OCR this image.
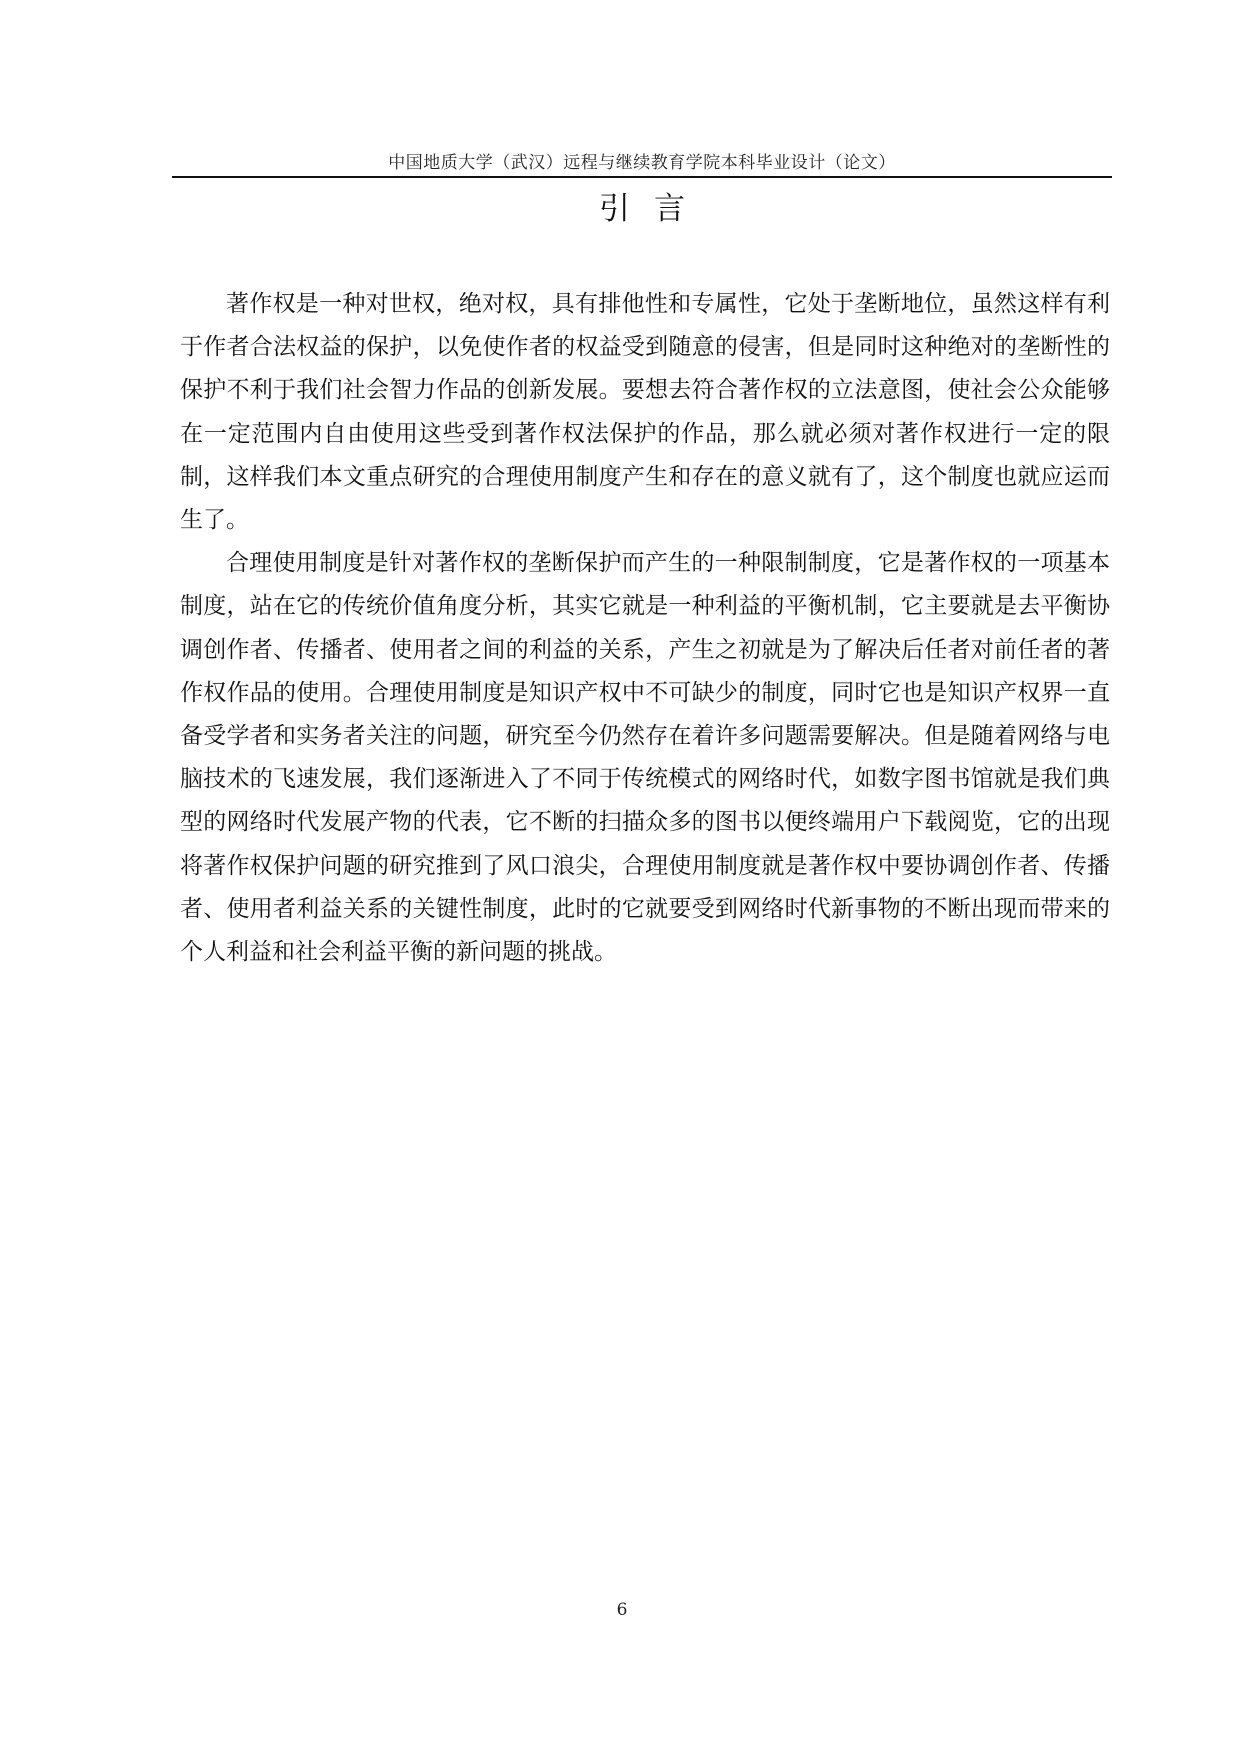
中国地质大学（武汉）远程与继续教育学院本科毕业设计（论文）
引言

著作权是一种对世权，绝对权，具有排他性和专属性，它处于垄断地位，虽然这样有利于作者合法权益的保护，以免使作者的权益受到随意的侵害，但是同时这种绝对的垄断性的保护不利于我们社会智力作品的创新发展。要想去符合著作权的立法意图，使社会公众能够在一定范围内自由使用这些受到著作权法保护的作品，那么就必须对著作权进行一定的限制，这样我们本文重点研究的合理使用制度产生和存在的意义就有了，这个制度也就应运而生了。

合理使用制度是针对著作权的垄断保护而产生的一种限制制度，它是著作权的一项基本制度，站在它的传统价值角度分析，其实它就是一种利益的平衡机制，它主要就是去平衡协调创作者、传播者、使用者之间的利益的关系，产生之初就是为了解决后任者对前任者的著作权作品的使用。合理使用制度是知识产权中不可缺少的制度，同时它也是知识产权界一直备受学者和实务者关注的问题，研究至今仍然存在着许多问题需要解决。但是随着网络与电脑技术的飞速发展，我们逐渐进入了不同于传统模式的网络时代，如数字图书馆就是我们典型的网络时代发展产物的代表，它不断的扫描众多的图书以便终端用户下载阅览，它的出现将著作权保护问题的研究推到了风口浪尖，合理使用制度就是著作权中要协调创作者、传播者、使用者利益关系的关键性制度，此时的它就要受到网络时代新事物的不断出现而带来的个人利益和社会利益平衡的新问题的挑战。

6
